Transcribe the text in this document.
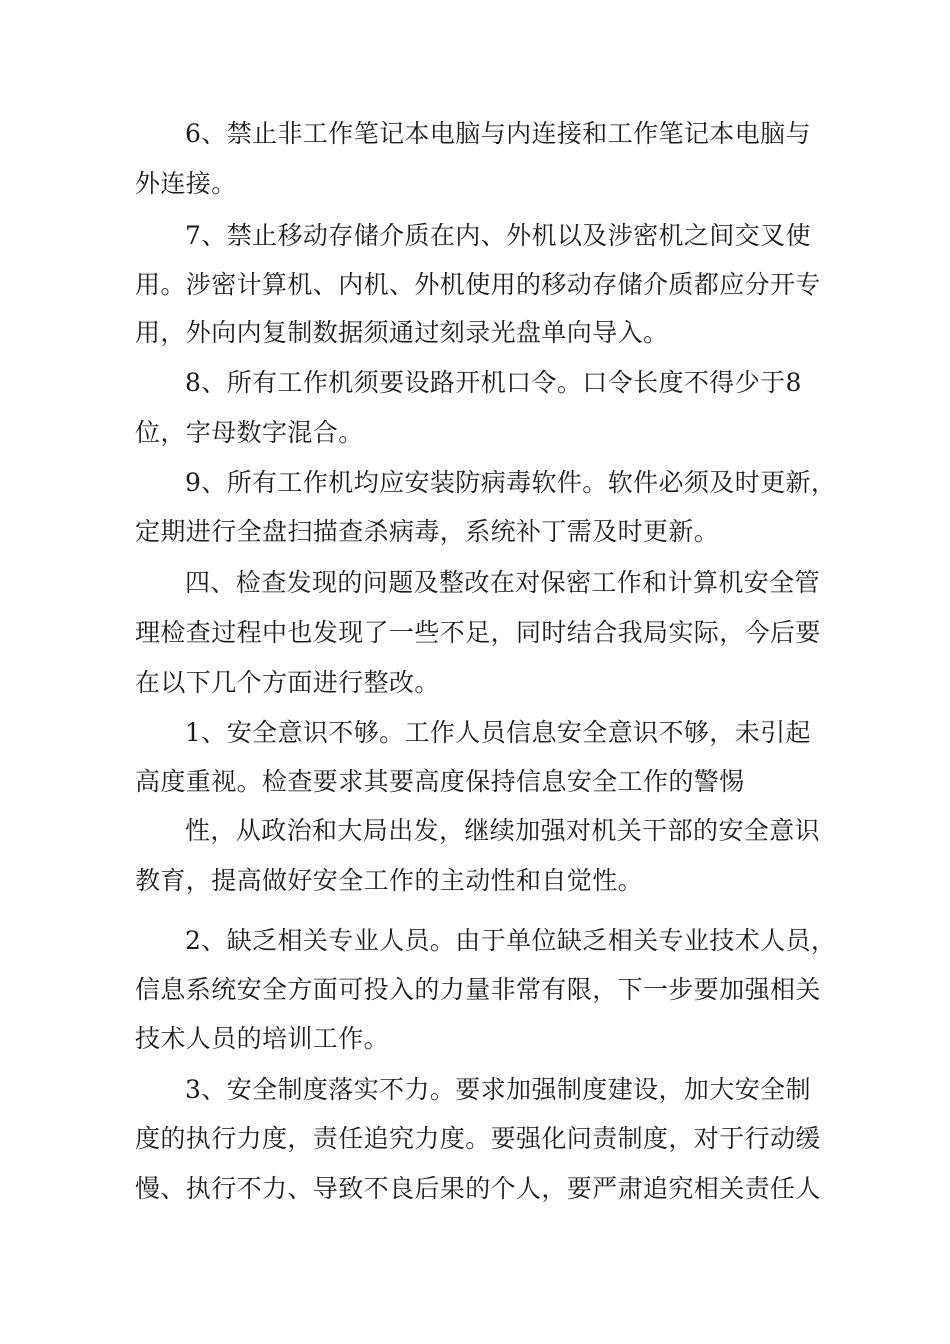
6、禁止非工作笔记本电脑与内连接和工作笔记本电脑与

外连接。

7、禁止移动存储介质在内、外机以及涉密机之间交叉使

用。涉密计算机、内机、外机使用的移动存储介质都应分开专

用，外向内复制数据须通过刻录光盘单向导入。

8、所有工作机须要设路开机口令。口令长度不得少于8

位，字母数字混合。

9、所有工作机均应安装防病毒软件。软件必须及时更新，

定期进行全盘扫描查杀病毒，系统补丁需及时更新。

四、检查发现的问题及整改在对保密工作和计算机安全管

理检查过程中也发现了一些不足，同时结合我局实际，今后要

在以下几个方面进行整改。

1、安全意识不够。工作人员信息安全意识不够，未引起

高度重视。检查要求其要高度保持信息安全工作的警惕

性，从政治和大局出发，继续加强对机关干部的安全意识

教育，提高做好安全工作的主动性和自觉性。

2、缺乏相关专业人员。由于单位缺乏相关专业技术人员，

信息系统安全方面可投入的力量非常有限，下一步要加强相关

技术人员的培训工作。

3、安全制度落实不力。要求加强制度建设，加大安全制

度的执行力度，责任追究力度。要强化问责制度，对于行动缓

慢、执行不力、导致不良后果的个人，要严肃追究相关责任人
